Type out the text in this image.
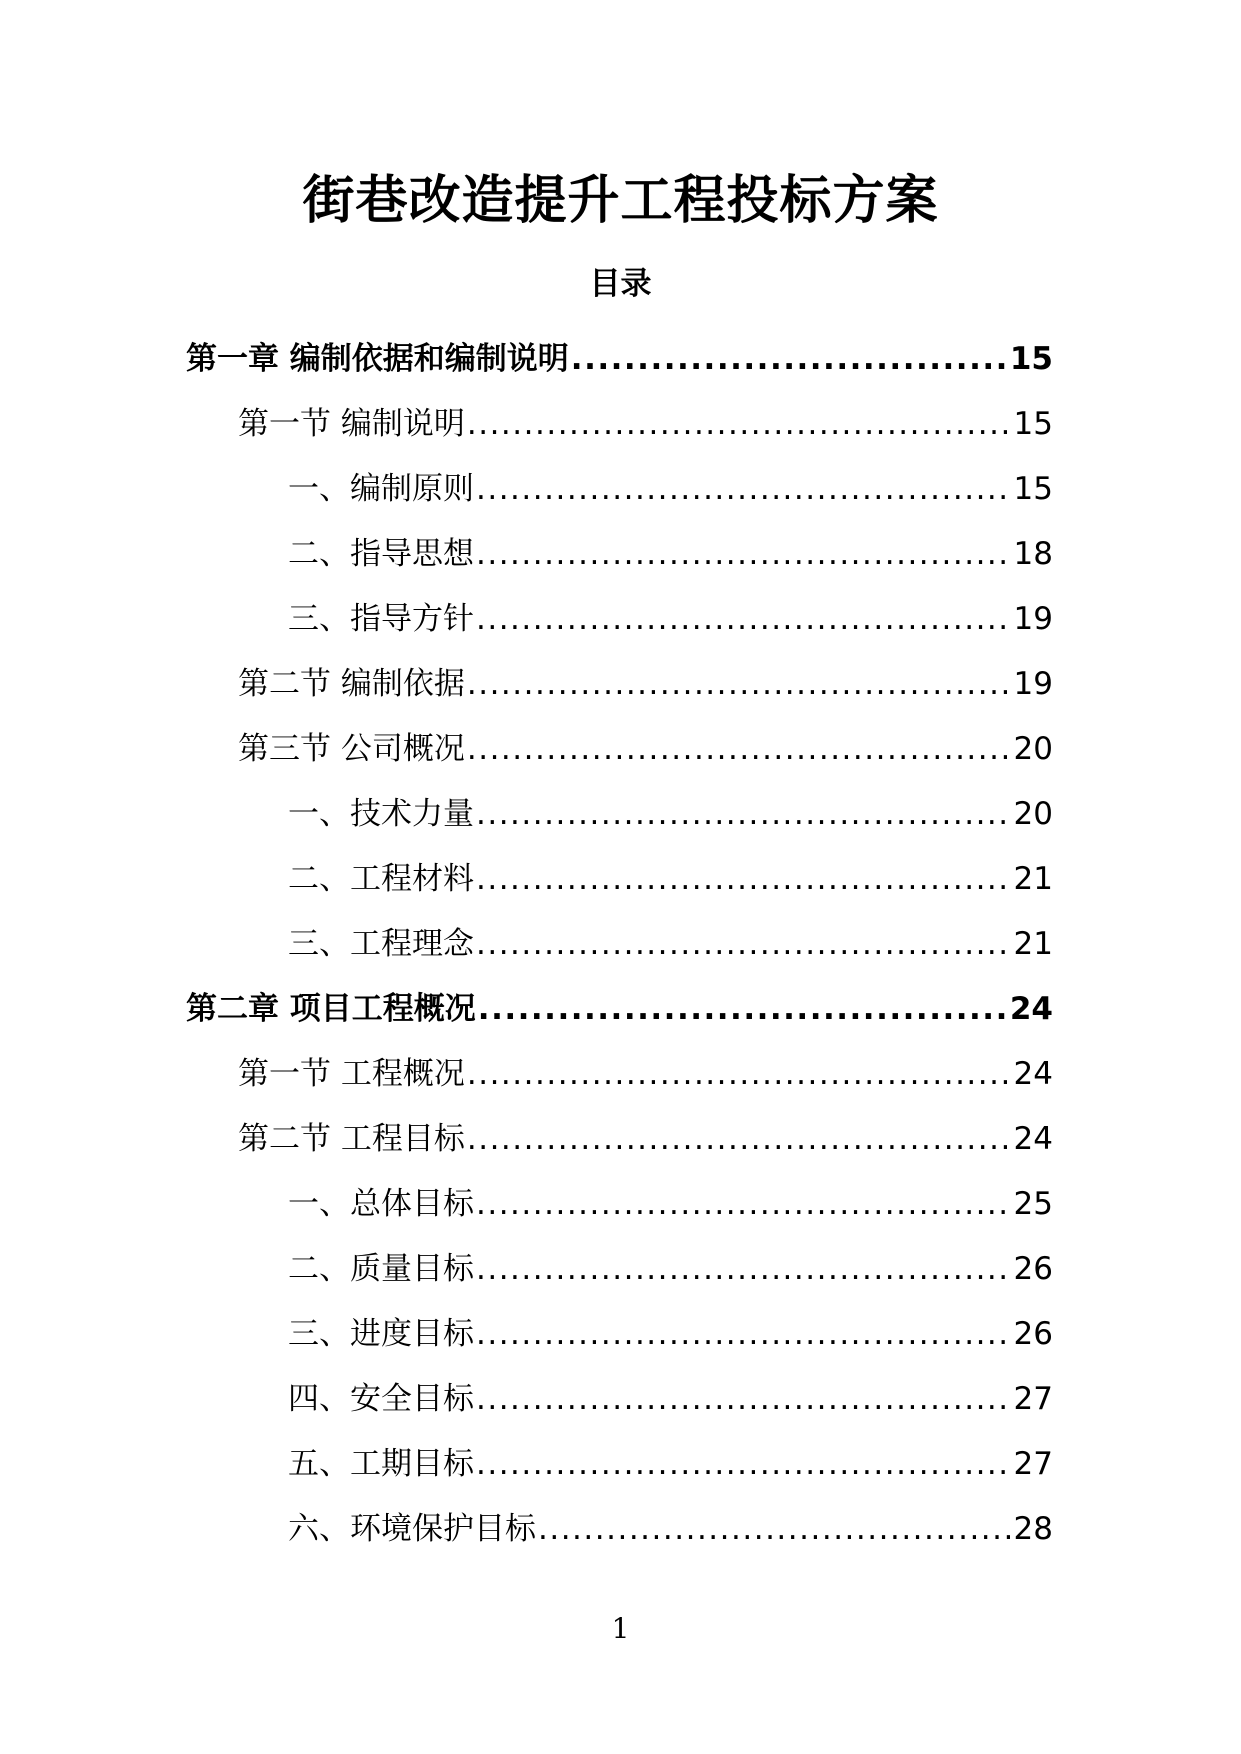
街巷改造提升工程投标方案
目录
第一章 编制依据和编制说明 .....	15
第一节 编制说明 .....	15
一、编制原则 .....	15
二、指导思想 .....	18
三、指导方针 .....	19
第二节 编制依据 .....	19
第三节 公司概况 .....	20
一、技术力量 .....	20
二、工程材料 .....	21
三、工程理念 .....	21
第二章 项目工程概况 .....	24
第一节 工程概况 .....	24
第二节 工程目标 .....	24
一、总体目标 .....	25
二、质量目标 .....	26
三、进度目标 .....	26
四、安全目标 .....	27
五、工期目标 .....	27
六、环境保护目标 .....	28
1
